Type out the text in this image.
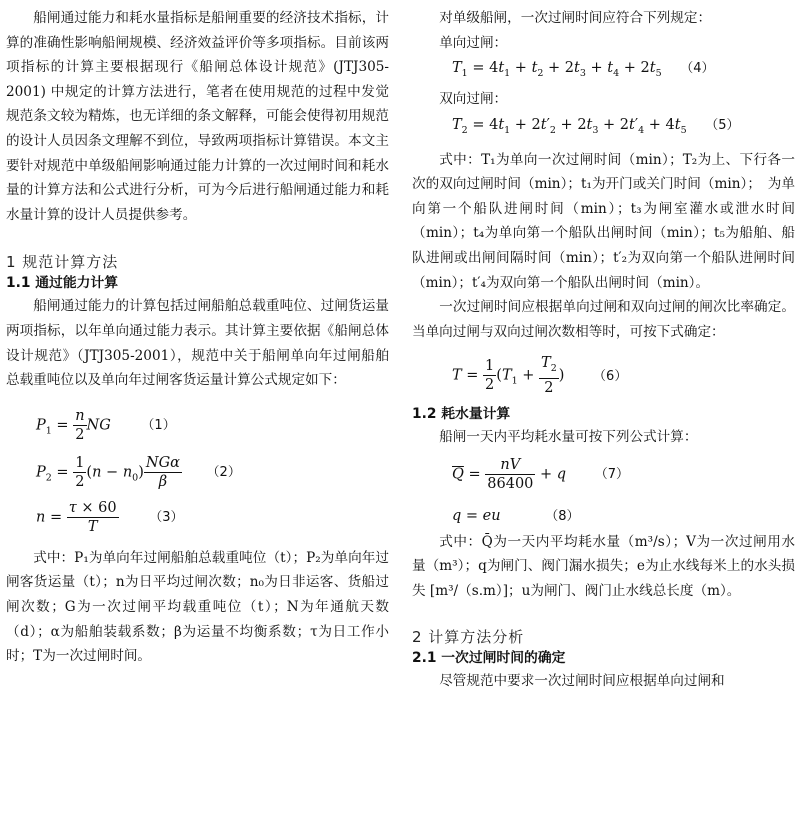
船闸通过能力和耗水量指标是船闸重要的经济技术指标，计算的准确性影响船闸规模、经济效益评价等多项指标。目前该两项指标的计算主要根据现行《船闸总体设计规范》(JTJ305-2001) 中规定的计算方法进行，笔者在使用规范的过程中发觉规范条文较为精炼，也无详细的条文解释，可能会使得初用规范的设计人员因条文理解不到位，导致两项指标计算错误。本文主要针对规范中单级船闸影响通过能力计算的一次过闸时间和耗水量的计算方法和公式进行分析，可为今后进行船闸通过能力和耗水量计算的设计人员提供参考。

1 规范计算方法
1.1 通过能力计算

船闸通过能力的计算包括过闸船舶总载重吨位、过闸货运量两项指标，以年单向通过能力表示。其计算主要依据《船闸总体设计规范》（JTJ305-2001），规范中关于船闸单向年过闸船舶总载重吨位以及单向年过闸客货运量计算公式规定如下：

$P_1 = \frac{n}{2}$ NG （1）
$P_2 = \frac{1}{2} (n - n_0) \frac{\text{NGα}}{\beta} (2)$
$n = \frac{\tau \times 60}{T} (3)$

式中：P₁为单向年过闸船舶总载重吨位（t）；P₂为单向年过闸客货运量（t）；n为日平均过闸次数；n₀为日非运客、货船过闸次数；G为一次过闸平均载重吨位（t）；N为年通航天数（d）；α为船舶装载系数；β为运量不均衡系数；τ为日工作小时；T为一次过闸时间。

对单级船闸，一次过闸时间应符合下列规定：

单向过闸：

$T_1 = 4t_1 + t_2 + 2t_3 + t_4 + 2t_5$ （4）

双向过闸：

$T_2 = 4t_1 + 2t'_2 + 2t_3 + 2t'_4 + 4t_5$ （5）

式中：T₁为单向一次过闸时间（min）；T₂为上、下行各一次的双向过闸时间（min）；t₁为开门或关门时间（min）；　为单向第一个船队进闸时间（min）；t₃为闸室灌水或泄水时间（min）；t₄为单向第一个船队出闸时间（min）；t₅为船舶、船队进闸或出闸间隔时间（min）；t′₂为双向第一个船队进闸时间（min）；t′₄为双向第一个船队出闸时间（min）。

一次过闸时间应根据单向过闸和双向过闸的闸次比率确定。当单向过闸与双向过闸次数相等时，可按下式确定：

$T = \frac{1}{2} (T_1 + \frac{T_2}{2}$ ) （6）
1.2 耗水量计算

船闸一天内平均耗水量可按下列公式计算：

$\overline{Q} = \frac{nV}{86400} + q$ （7）
q = eu	（8）

式中：Q̄为一天内平均耗水量（m³/s）；V为一次过闸用水量（m³）；q为闸门、阀门漏水损失；e为止水线每米上的水头损失 [m³/（s.m）]；u为闸门、阀门止水线总长度（m）。

2 计算方法分析
2.1 一次过闸时间的确定

尽管规范中要求一次过闸时间应根据单向过闸和
